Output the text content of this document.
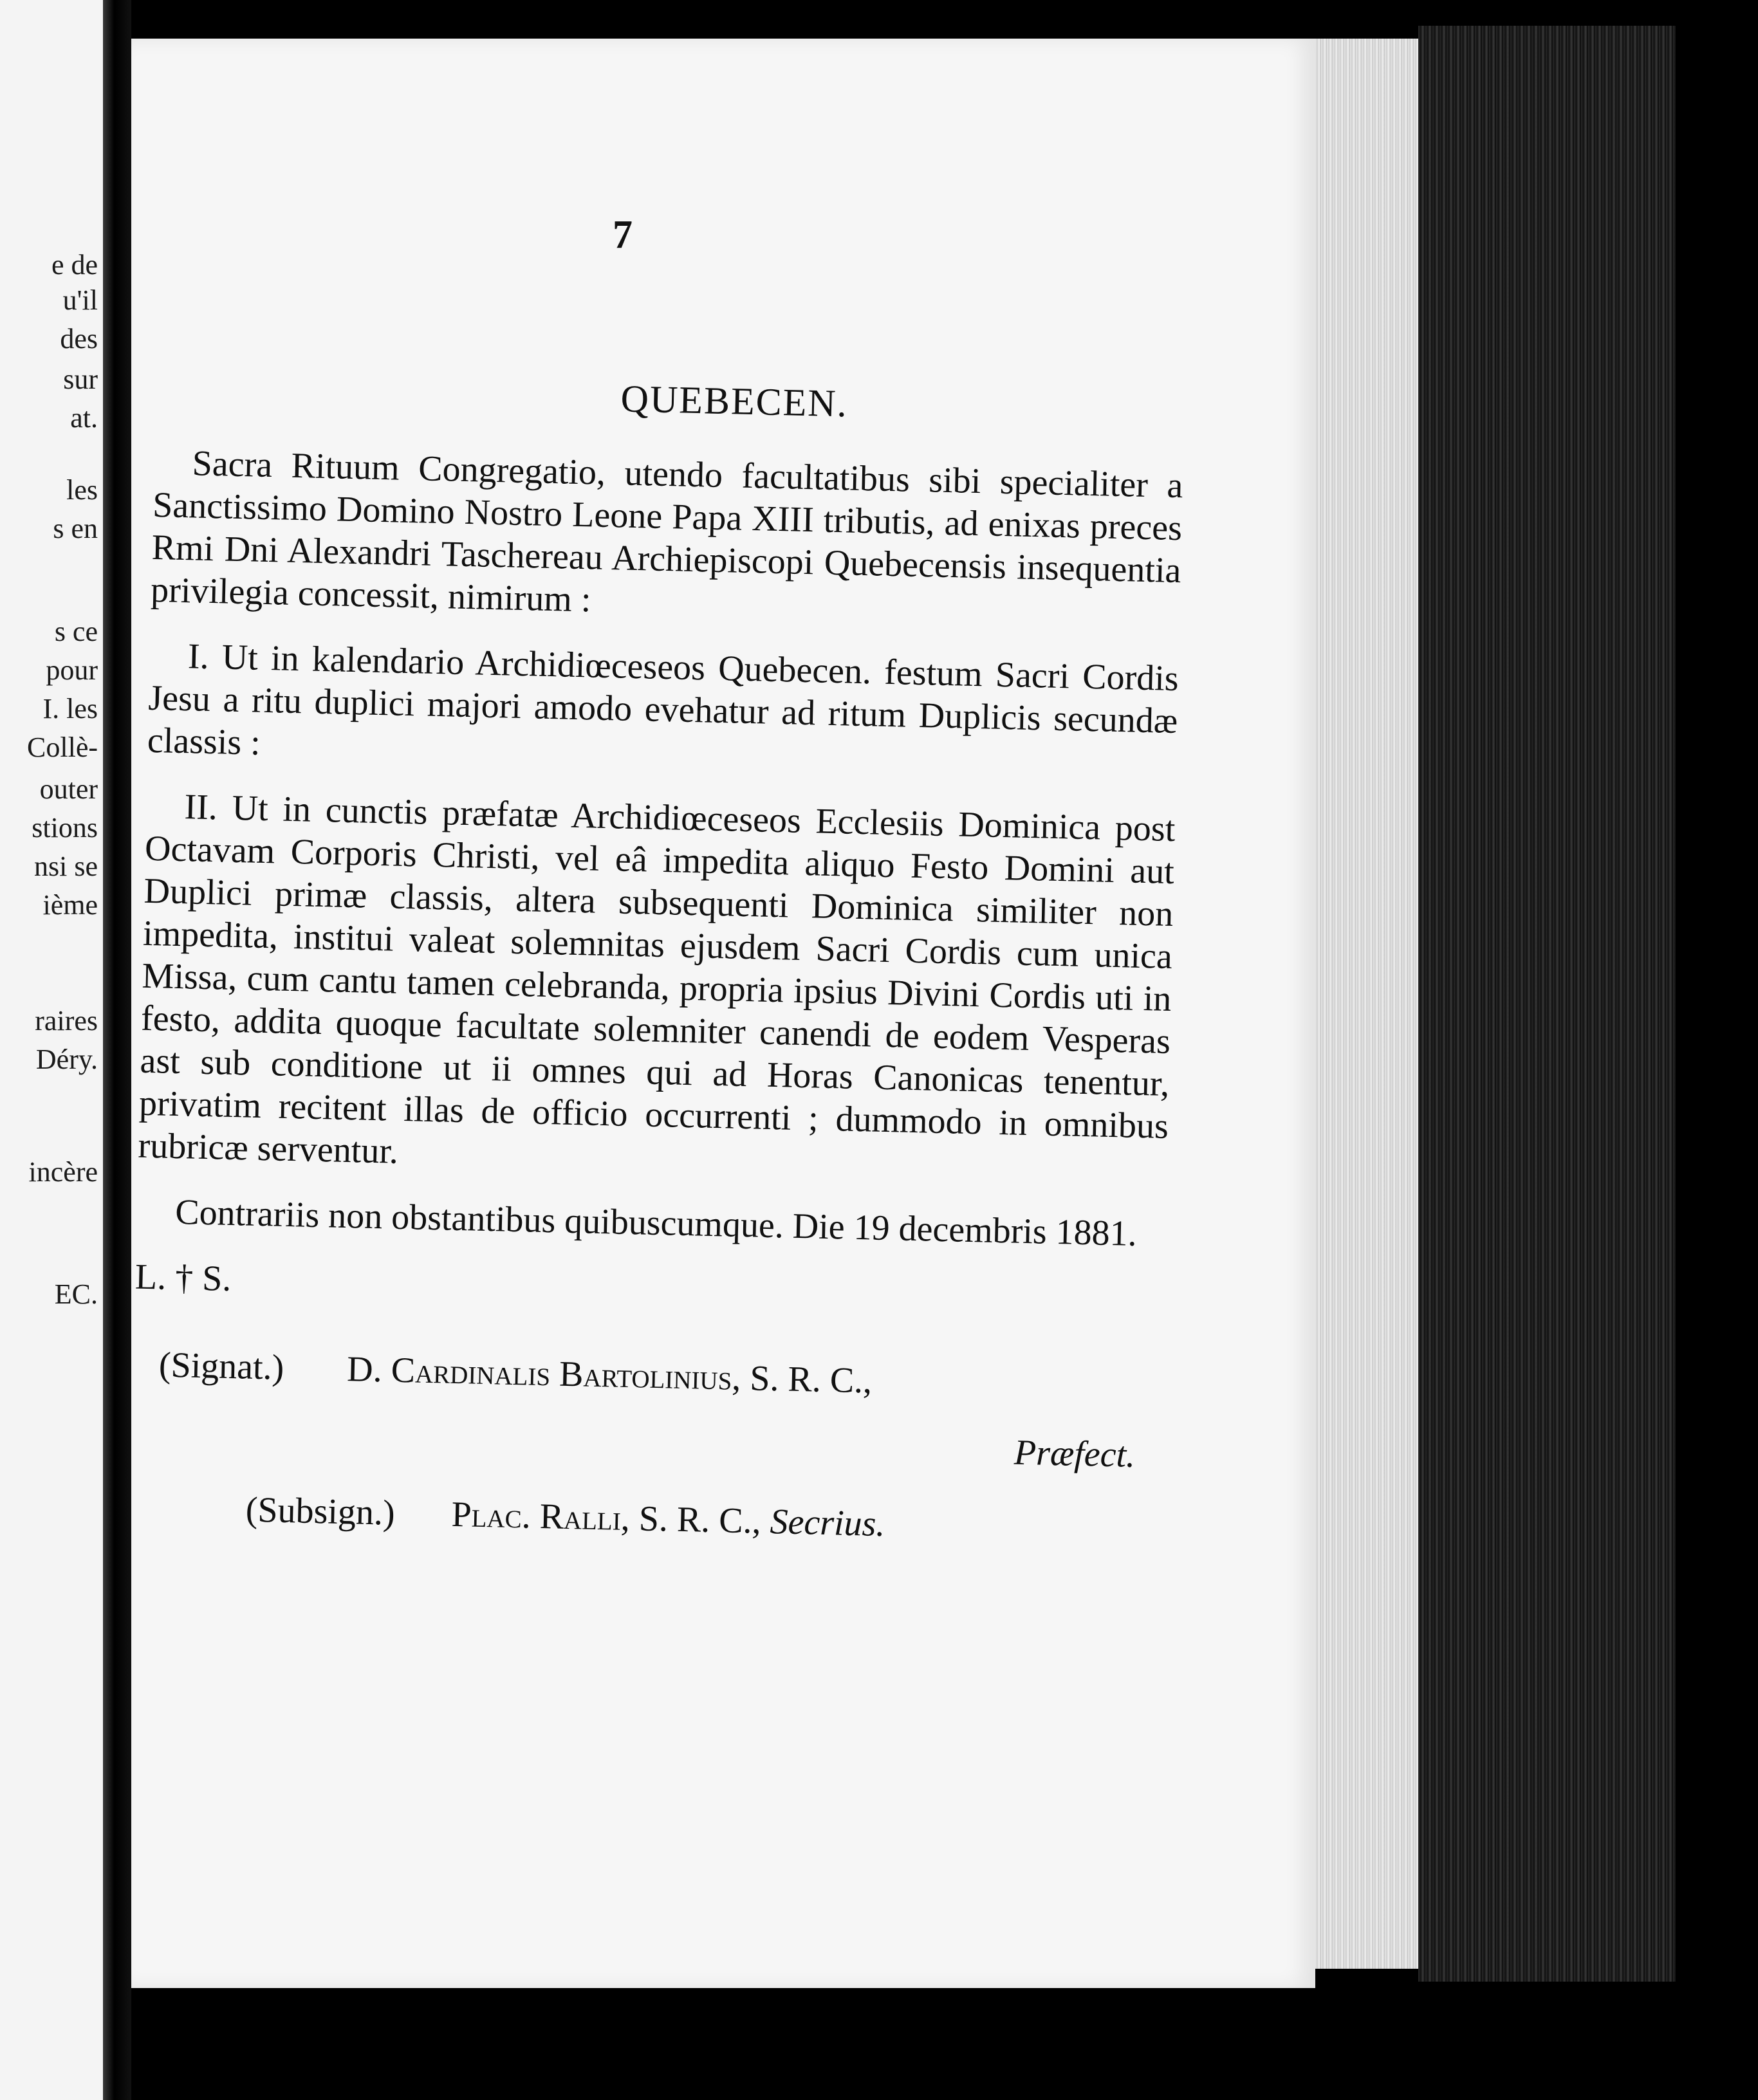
e de
u'il
des
sur
at.
les
s en
s ce
pour
I. les
Collè-
outer
stions
nsi se
ième
raires
Déry.
incère
EC.
7
QUEBECEN.

Sacra Rituum Congregatio, utendo facultatibus sibi specialiter a Sanctissimo Domino Nostro Leone Papa XIII tributis, ad enixas preces Rmi Dni Alexandri Taschereau Archiepiscopi Quebecensis insequentia privilegia concessit, nimirum :

I. Ut in kalendario Archidiœceseos Quebecen. festum Sacri Cordis Jesu a ritu duplici majori amodo evehatur ad ritum Duplicis secundæ classis :

II. Ut in cunctis præfatæ Archidiœceseos Ecclesiis Dominica post Octavam Corporis Christi, vel eâ impedita aliquo Festo Domini aut Duplici primæ classis, altera subsequenti Dominica similiter non impedita, institui valeat solemnitas ejusdem Sacri Cordis cum unica Missa, cum cantu tamen celebranda, propria ipsius Divini Cordis uti in festo, addita quoque facultate solemniter canendi de eodem Vesperas ast sub conditione ut ii omnes qui ad Horas Canonicas tenentur, privatim recitent illas de officio occurrenti ; dummodo in omnibus rubricæ serventur.

Contrariis non obstantibus quibuscumque. Die 19 decembris 1881.

L. † S.
(Signat.) D. Cardinalis Bartolinius, S. R. C.,
Præfect.
(Subsign.) Plac. Ralli, S. R. C., Secrius.
